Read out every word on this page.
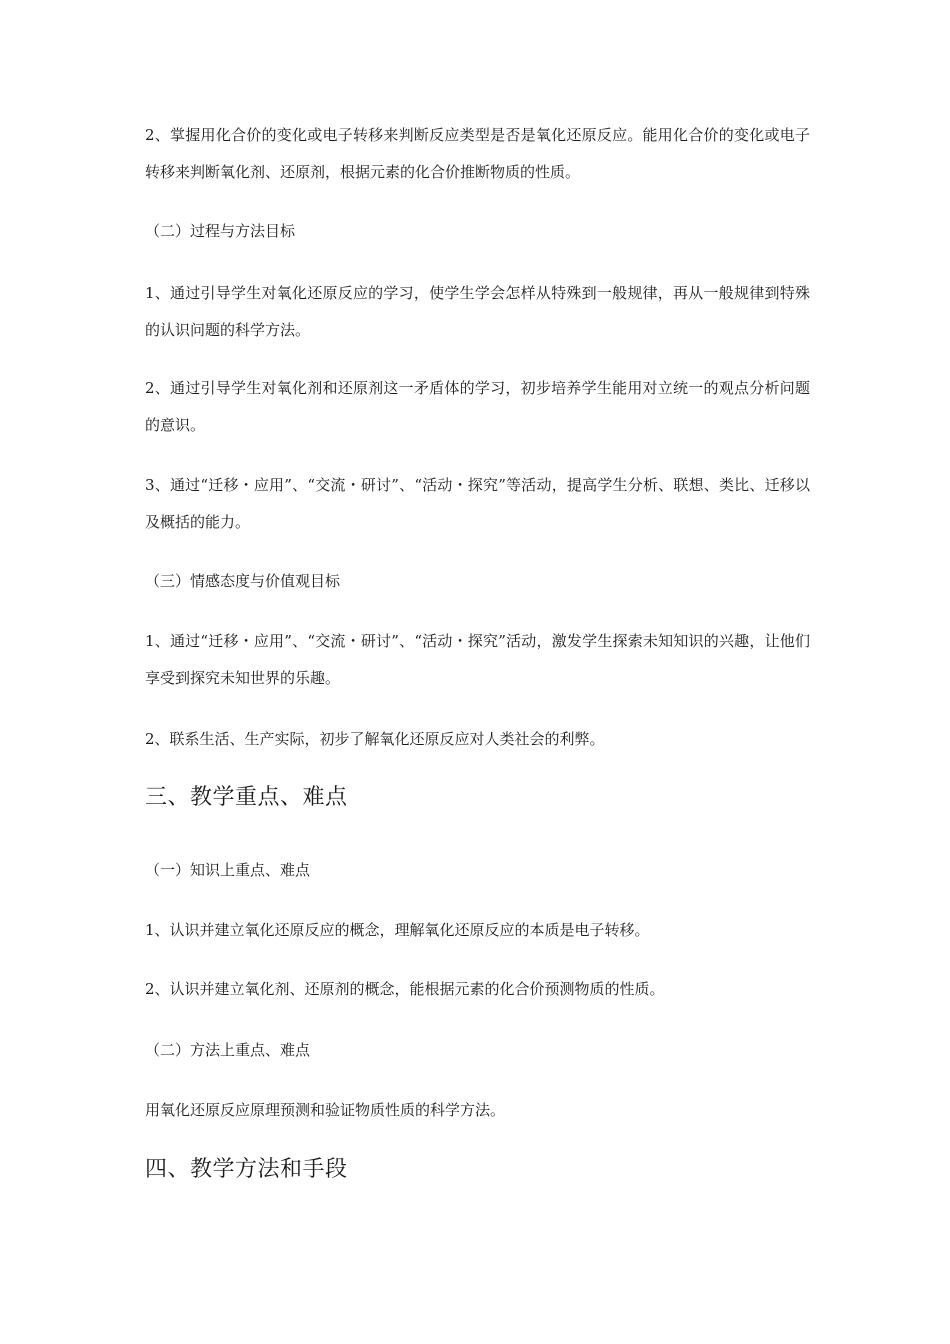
2、掌握用化合价的变化或电子转移来判断反应类型是否是氧化还原反应。能用化合价的变化或电子转移来判断氧化剂、还原剂，根据元素的化合价推断物质的性质。

（二）过程与方法目标

1、通过引导学生对氧化还原反应的学习，使学生学会怎样从特殊到一般规律，再从一般规律到特殊的认识问题的科学方法。

2、通过引导学生对氧化剂和还原剂这一矛盾体的学习，初步培养学生能用对立统一的观点分析问题的意识。

3、通过“迁移・应用”、“交流・研讨”、“活动・探究”等活动，提高学生分析、联想、类比、迁移以及概括的能力。

（三）情感态度与价值观目标

1、通过“迁移・应用”、“交流・研讨”、“活动・探究”活动，激发学生探索未知知识的兴趣，让他们享受到探究未知世界的乐趣。

2、联系生活、生产实际，初步了解氧化还原反应对人类社会的利弊。

三、教学重点、难点

（一）知识上重点、难点

1、认识并建立氧化还原反应的概念，理解氧化还原反应的本质是电子转移。

2、认识并建立氧化剂、还原剂的概念，能根据元素的化合价预测物质的性质。

（二）方法上重点、难点

用氧化还原反应原理预测和验证物质性质的科学方法。

四、教学方法和手段
